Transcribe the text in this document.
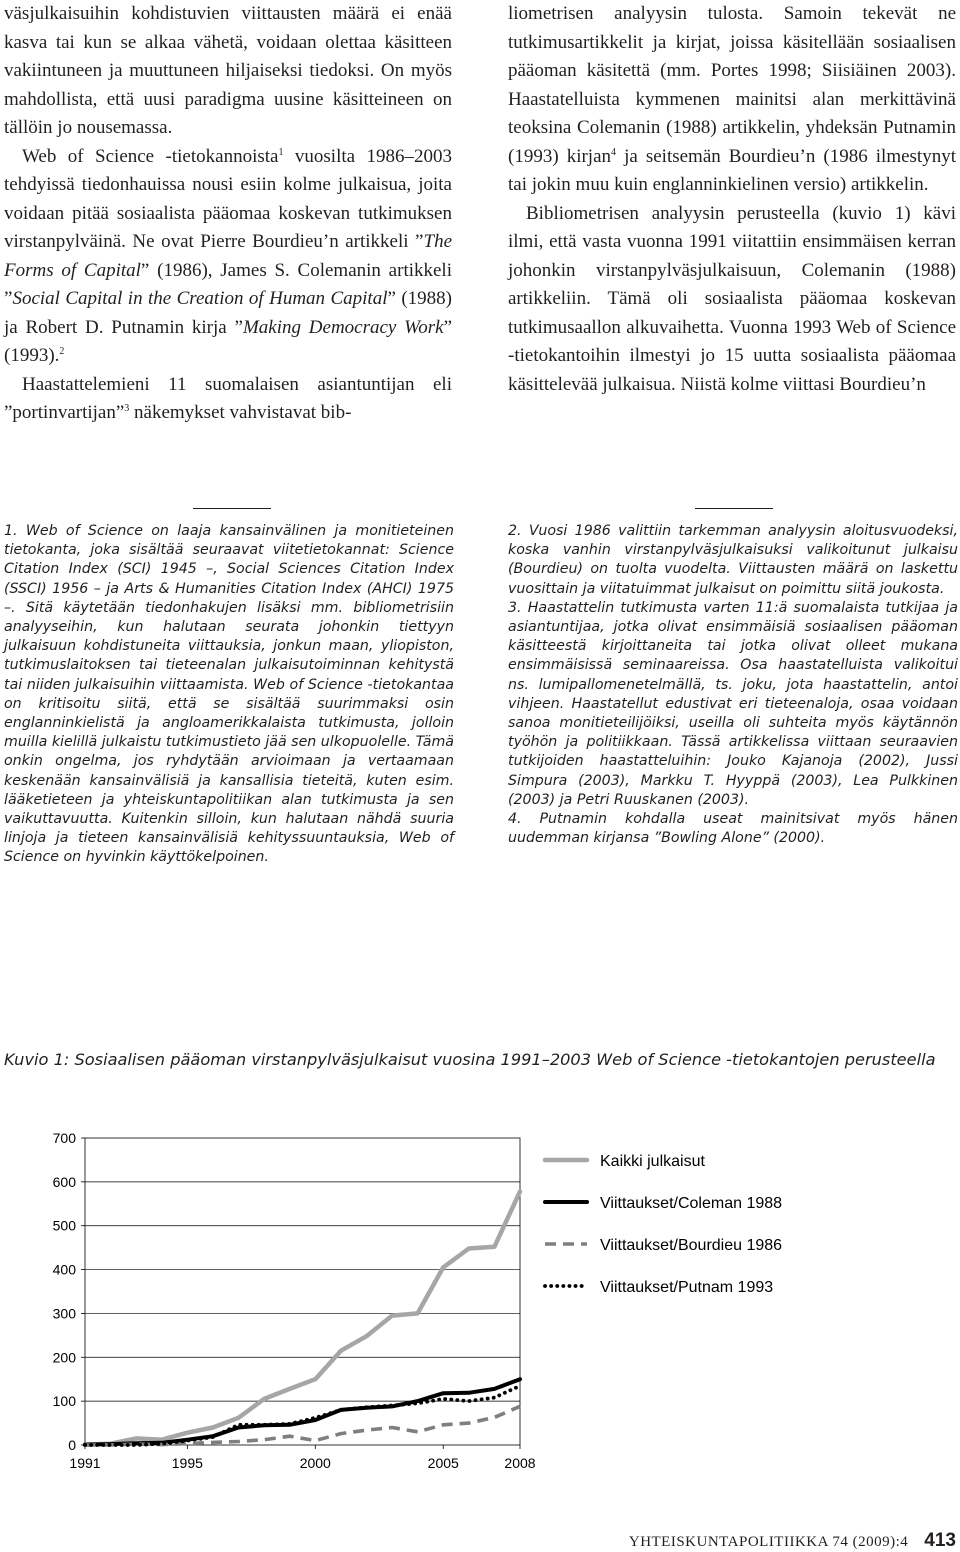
väsjulkaisuihin kohdistuvien viittausten määrä ei enää kasva tai kun se alkaa vähetä, voidaan olettaa käsitteen vakiintuneen ja muuttuneen hiljaiseksi tiedoksi. On myös mahdollista, että uusi paradigma uusine käsitteineen on tällöin jo nousemassa.

Web of Science -tietokannoista$^1$ vuosilta 1986–2003 tehdyissä tiedonhauissa nousi esiin kolme julkaisua, joita voidaan pitää sosiaalista pääomaa koskevan tutkimuksen virstanpylväinä. Ne ovat Pierre Bourdieu’n artikkeli ”The Forms of Capital” (1986), James S. Colemanin artikkeli ”Social Capital in the Creation of Human Capital” (1988) ja Robert D. Putnamin kirja ”Making Democracy Work” (1993).$^2$

Haastattelemieni 11 suomalaisen asiantuntijan eli ”portinvartijan”$^3$ näkemykset vahvistavat bib-

liometrisen analyysin tulosta. Samoin tekevät ne tutkimusartikkelit ja kirjat, joissa käsitellään sosiaalisen pääoman käsitettä (mm. Portes 1998; Siisiäinen 2003). Haastatelluista kymmenen mainitsi alan merkittävinä teoksina Colemanin (1988) artikkelin, yhdeksän Putnamin (1993) kirjan$^4$ ja seitsemän Bourdieu’n (1986 ilmestynyt tai jokin muu kuin englanninkielinen versio) artikkelin.

Bibliometrisen analyysin perusteella (kuvio 1) kävi ilmi, että vasta vuonna 1991 viitattiin ensimmäisen kerran johonkin virstanpylväsjulkaisuun, Colemanin (1988) artikkeliin. Tämä oli sosiaalista pääomaa koskevan tutkimusaallon alkuvaihetta. Vuonna 1993 Web of Science -tietokantoihin ilmestyi jo 15 uutta sosiaalista pääomaa käsittelevää julkaisua. Niistä kolme viittasi Bourdieu’n

1. Web of Science on laaja kansainvälinen ja monitieteinen tietokanta, joka sisältää seuraavat viitetietokannat: Science Citation Index (SCI) 1945 –, Social Sciences Citation Index (SSCI) 1956 – ja Arts & Humanities Citation Index (AHCI) 1975 –. Sitä käytetään tiedonhakujen lisäksi mm. bibliometrisiin analyyseihin, kun halutaan seurata johonkin tiettyyn julkaisuun kohdistuneita viittauksia, jonkun maan, yliopiston, tutkimuslaitoksen tai tieteenalan julkaisutoiminnan kehitystä tai niiden julkaisuihin viittaamista. Web of Science -tietokantaa on kritisoitu siitä, että se sisältää suurimmaksi osin englanninkielistä ja angloamerikkalaista tutkimusta, jolloin muilla kielillä julkaistu tutkimustieto jää sen ulkopuolelle. Tämä onkin ongelma, jos ryhdytään arvioimaan ja vertaamaan keskenään kansainvälisiä ja kansallisia tieteitä, kuten esim. lääketieteen ja yhteiskuntapolitiikan alan tutkimusta ja sen vaikuttavuutta. Kuitenkin silloin, kun halutaan nähdä suuria linjoja ja tieteen kansainvälisiä kehityssuuntauksia, Web of Science on hyvinkin käyttökelpoinen.

2. Vuosi 1986 valittiin tarkemman analyysin aloitusvuodeksi, koska vanhin virstanpylväsjulkaisuksi valikoitunut julkaisu (Bourdieu) on tuolta vuodelta. Viittausten määrä on laskettu vuosittain ja viitatuimmat julkaisut on poimittu siitä joukosta.

3. Haastattelin tutkimusta varten 11:ä suomalaista tutkijaa ja asiantuntijaa, jotka olivat ensimmäisiä sosiaalisen pääoman käsitteestä kirjoittaneita tai jotka olivat olleet mukana ensimmäisissä seminaareissa. Osa haastatelluista valikoitui ns. lumipallomenetelmällä, ts. joku, jota haastattelin, antoi vihjeen. Haastatellut edustivat eri tieteenaloja, osaa voidaan sanoa monitieteilijöiksi, useilla oli suhteita myös käytännön työhön ja politiikkaan. Tässä artikkelissa viittaan seuraavien tutkijoiden haastatteluihin: Jouko Kajanoja (2002), Jussi Simpura (2003), Markku T. Hyyppä (2003), Lea Pulkkinen (2003) ja Petri Ruuskanen (2003).

4. Putnamin kohdalla useat mainitsivat myös hänen uudemman kirjansa ”Bowling Alone” (2000).

Kuvio 1: Sosiaalisen pääoman virstanpylväsjulkaisut vuosina 1991–2003 Web of Science -tietokantojen perusteella
0
100
200
300
400
500
600
700
1991	1995	2000	2005	2008
Kaikki julkaisut
Viittaukset/Coleman 1988
Viittaukset/Bourdieu 1986
Viittaukset/Putnam 1993
YHTEISKUNTAPOLITIIKKA 74 (2009):4 413
